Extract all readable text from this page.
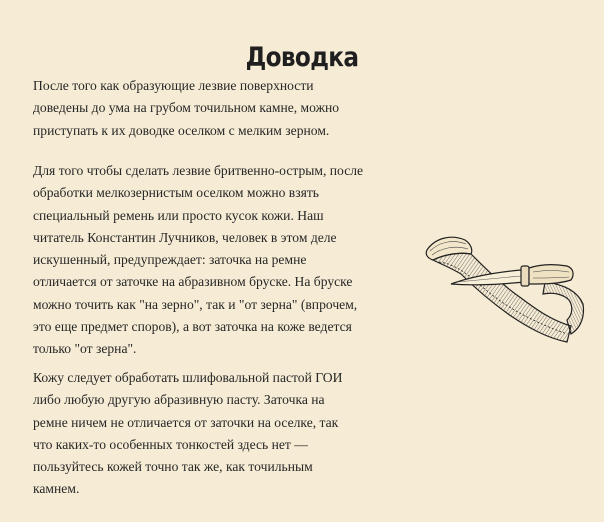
Доводка

После того как образующие лезвие поверхности
доведены до ума на грубом точильном камне, можно
приступать к их доводке оселком с мелким зерном.

Для того чтобы сделать лезвие бритвенно-острым, после
обработки мелкозернистым оселком можно взять
специальный ремень или просто кусок кожи. Наш
читатель Константин Лучников, человек в этом деле
искушенный, предупреждает: заточка на ремне
отличается от заточке на абразивном бруске. На бруске
можно точить как "на зерно", так и "от зерна" (впрочем,
это еще предмет споров), а вот заточка на коже ведется
только "от зерна".

Кожу следует обработать шлифовальной пастой ГОИ
либо любую другую абразивную пасту. Заточка на
ремне ничем не отличается от заточки на оселке, так
что каких-то особенных тонкостей здесь нет —
пользуйтесь кожей точно так же, как точильным
камнем.
